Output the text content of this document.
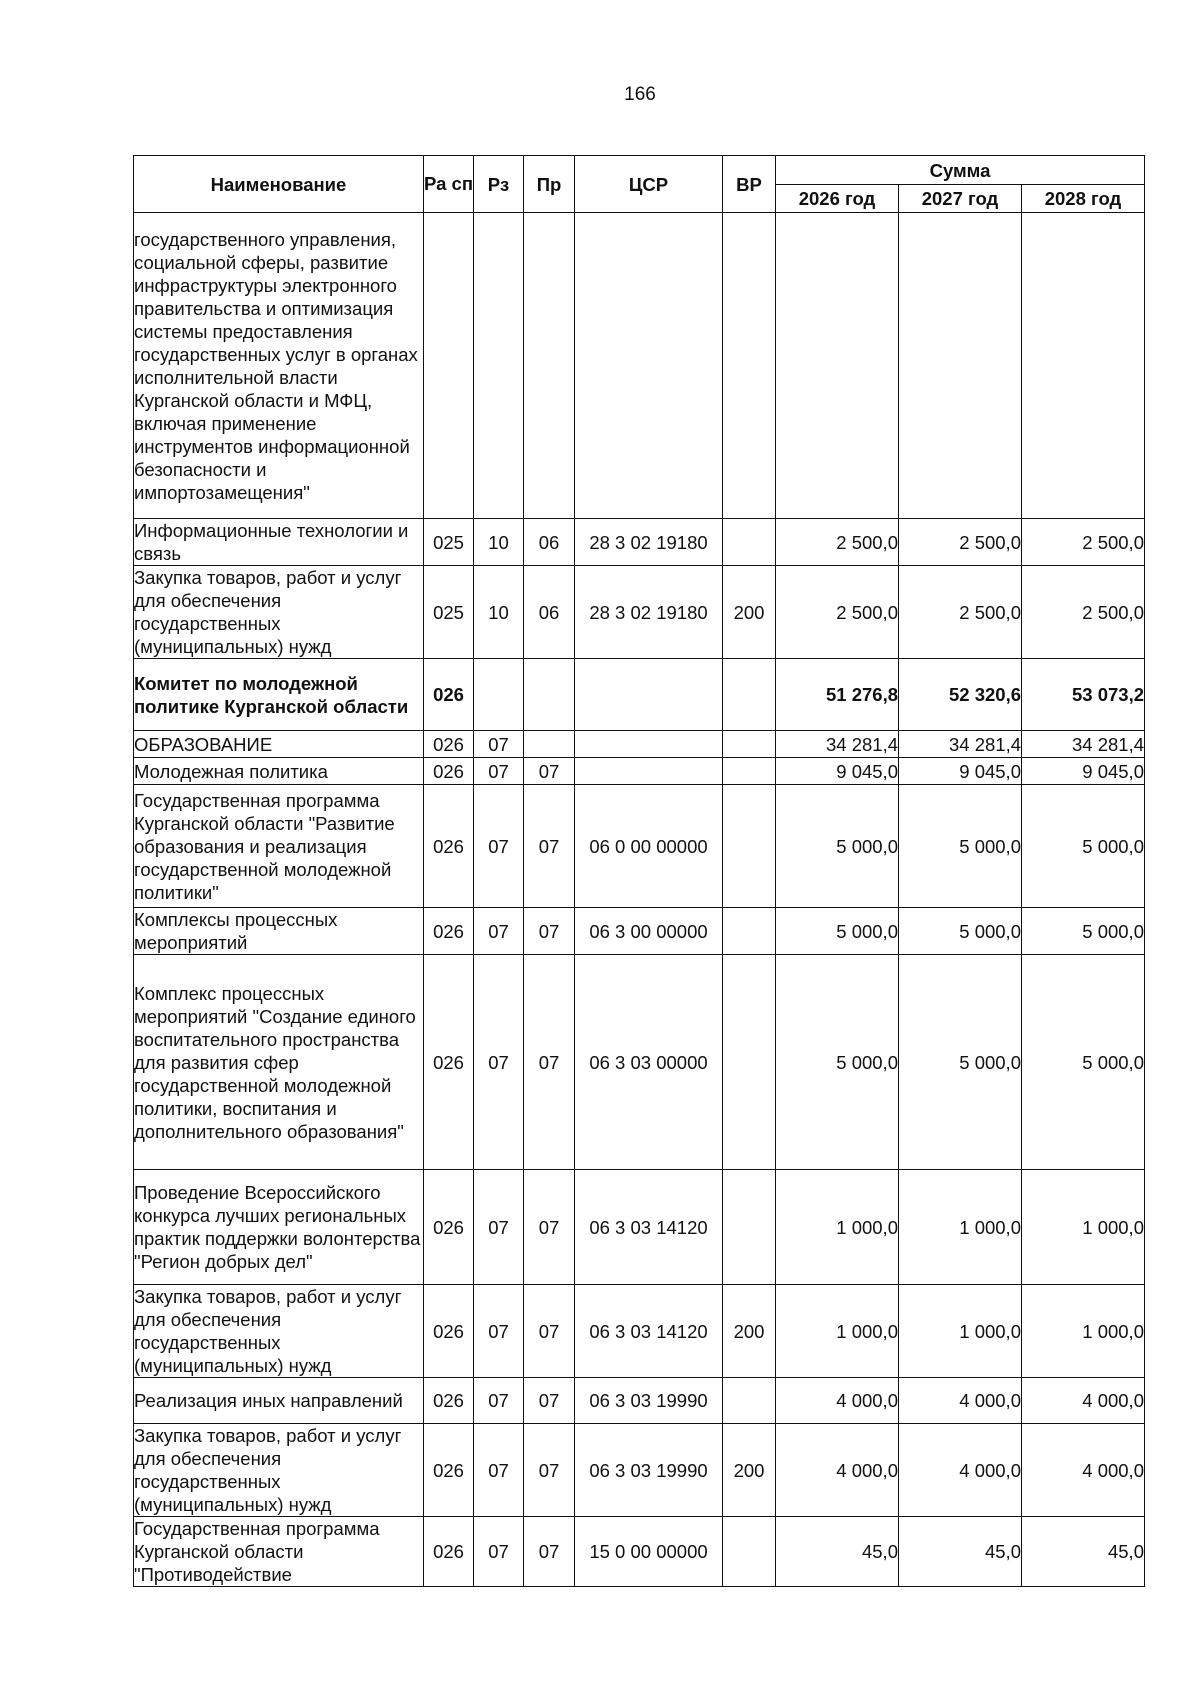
166
Наименование	Ра сп	Рз	Пр	ЦСР	ВР	Сумма		
						2026 год	2027 год	2028 год
государственного управления, социальной сферы, развитие инфраструктуры электронного правительства и оптимизация системы предоставления государственных услуг в органах исполнительной власти Курганской области и МФЦ, включая применение инструментов информационной безопасности и импортозамещения"								
Информационные технологии и связь	025	10	06	28 3 02 19180		2 500,0	2 500,0	2 500,0
Закупка товаров, работ и услуг для обеспечения государственных (муниципальных) нужд	025	10	06	28 3 02 19180	200	2 500,0	2 500,0	2 500,0
Комитет по молодежной политике Курганской области	026					51 276,8	52 320,6	53 073,2
ОБРАЗОВАНИЕ	026	07				34 281,4	34 281,4	34 281,4
Молодежная политика	026	07	07			9 045,0	9 045,0	9 045,0
Государственная программа Курганской области "Развитие образования и реализация государственной молодежной политики"	026	07	07	06 0 00 00000		5 000,0	5 000,0	5 000,0
Комплексы процессных мероприятий	026	07	07	06 3 00 00000		5 000,0	5 000,0	5 000,0
Комплекс процессных мероприятий "Создание единого воспитательного пространства для развития сфер государственной молодежной политики, воспитания и дополнительного образования"	026	07	07	06 3 03 00000		5 000,0	5 000,0	5 000,0
Проведение Всероссийского конкурса лучших региональных практик поддержки волонтерства "Регион добрых дел"	026	07	07	06 3 03 14120		1 000,0	1 000,0	1 000,0
Закупка товаров, работ и услуг для обеспечения государственных (муниципальных) нужд	026	07	07	06 3 03 14120	200	1 000,0	1 000,0	1 000,0
Реализация иных направлений	026	07	07	06 3 03 19990		4 000,0	4 000,0	4 000,0
Закупка товаров, работ и услуг для обеспечения государственных (муниципальных) нужд	026	07	07	06 3 03 19990	200	4 000,0	4 000,0	4 000,0
Государственная программа Курганской области "Противодействие	026	07	07	15 0 00 00000		45,0	45,0	45,0
